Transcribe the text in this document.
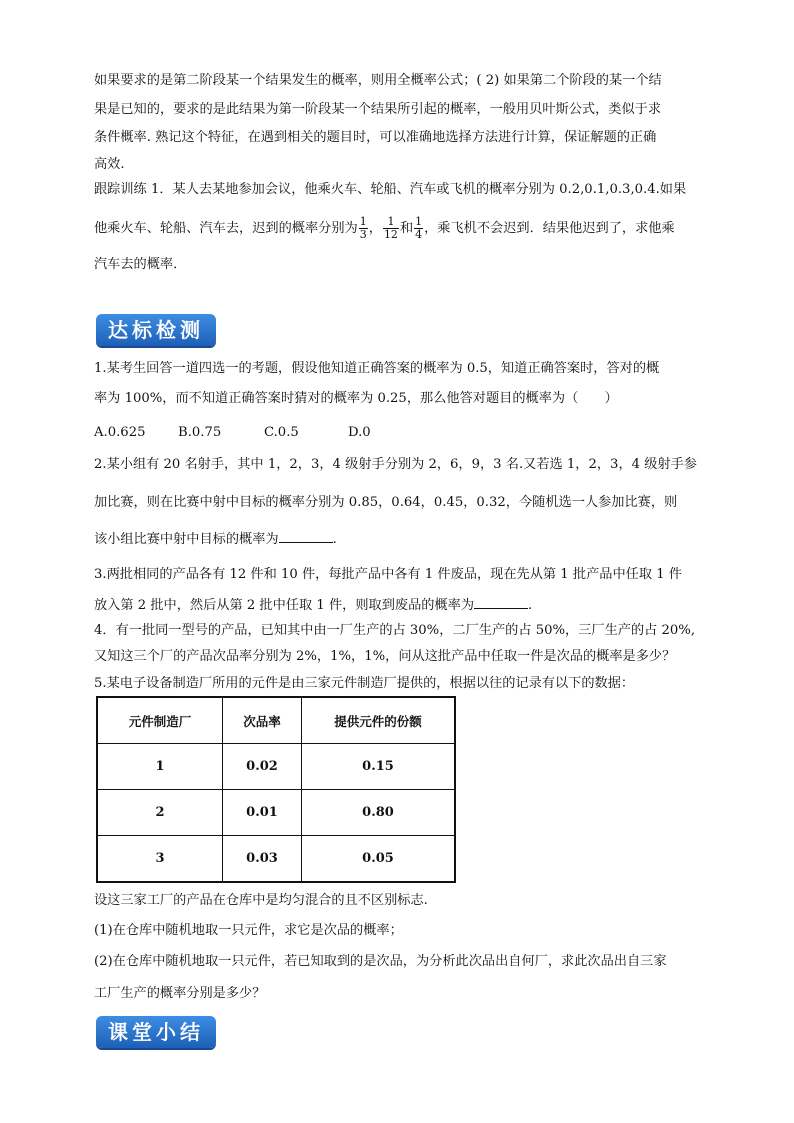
如果要求的是第二阶段某一个结果发生的概率，则用全概率公式；( 2) 如果第二个阶段的某一个结
果是已知的，要求的是此结果为第一阶段某一个结果所引起的概率，一般用贝叶斯公式，类似于求
条件概率. 熟记这个特征，在遇到相关的题目时，可以准确地选择方法进行计算，保证解题的正确
高效.
跟踪训练 1．某人去某地参加会议，他乘火车、轮船、汽车或飞机的概率分别为 0.2,0.1,0.3,0.4.如果
他乘火车、轮船、汽车去，迟到的概率分别为 $\frac{1}{3}$ ， $\frac{1}{12}$ 和 $\frac{1}{4}$ ，乘飞机不会迟到．结果他迟到了，求他乘
汽车去的概率．
达标检测
1.某考生回答一道四选一的考题，假设他知道正确答案的概率为 0.5，知道正确答案时，答对的概
率为 100%，而不知道正确答案时猜对的概率为 0.25，那么他答对题目的概率为（　　）
A.0.625 B.0.75	C.0.5	D.0
2.某小组有 20 名射手，其中 1，2，3，4 级射手分别为 2，6，9，3 名.又若选 1，2，3，4 级射手参
加比赛，则在比赛中射中目标的概率分别为 0.85，0.64，0.45，0.32，今随机选一人参加比赛，则
该小组比赛中射中目标的概率为	.
3.两批相同的产品各有 12 件和 10 件，每批产品中各有 1 件废品，现在先从第 1 批产品中任取 1 件
放入第 2 批中，然后从第 2 批中任取 1 件，则取到废品的概率为	.
4．有一批同一型号的产品，已知其中由一厂生产的占 30%，二厂生产的占 50%，三厂生产的占 20%,
又知这三个厂的产品次品率分别为 2%，1%，1%，问从这批产品中任取一件是次品的概率是多少？
5.某电子设备制造厂所用的元件是由三家元件制造厂提供的，根据以往的记录有以下的数据：
元件制造厂	次品率	提供元件的份额
1	0.02	0.15
2	0.01	0.80
3	0.03	0.05
设这三家工厂的产品在仓库中是均匀混合的且不区别标志.
(1)在仓库中随机地取一只元件，求它是次品的概率；
(2)在仓库中随机地取一只元件，若已知取到的是次品，为分析此次品出自何厂，求此次品出自三家
工厂生产的概率分别是多少？
课堂小结
